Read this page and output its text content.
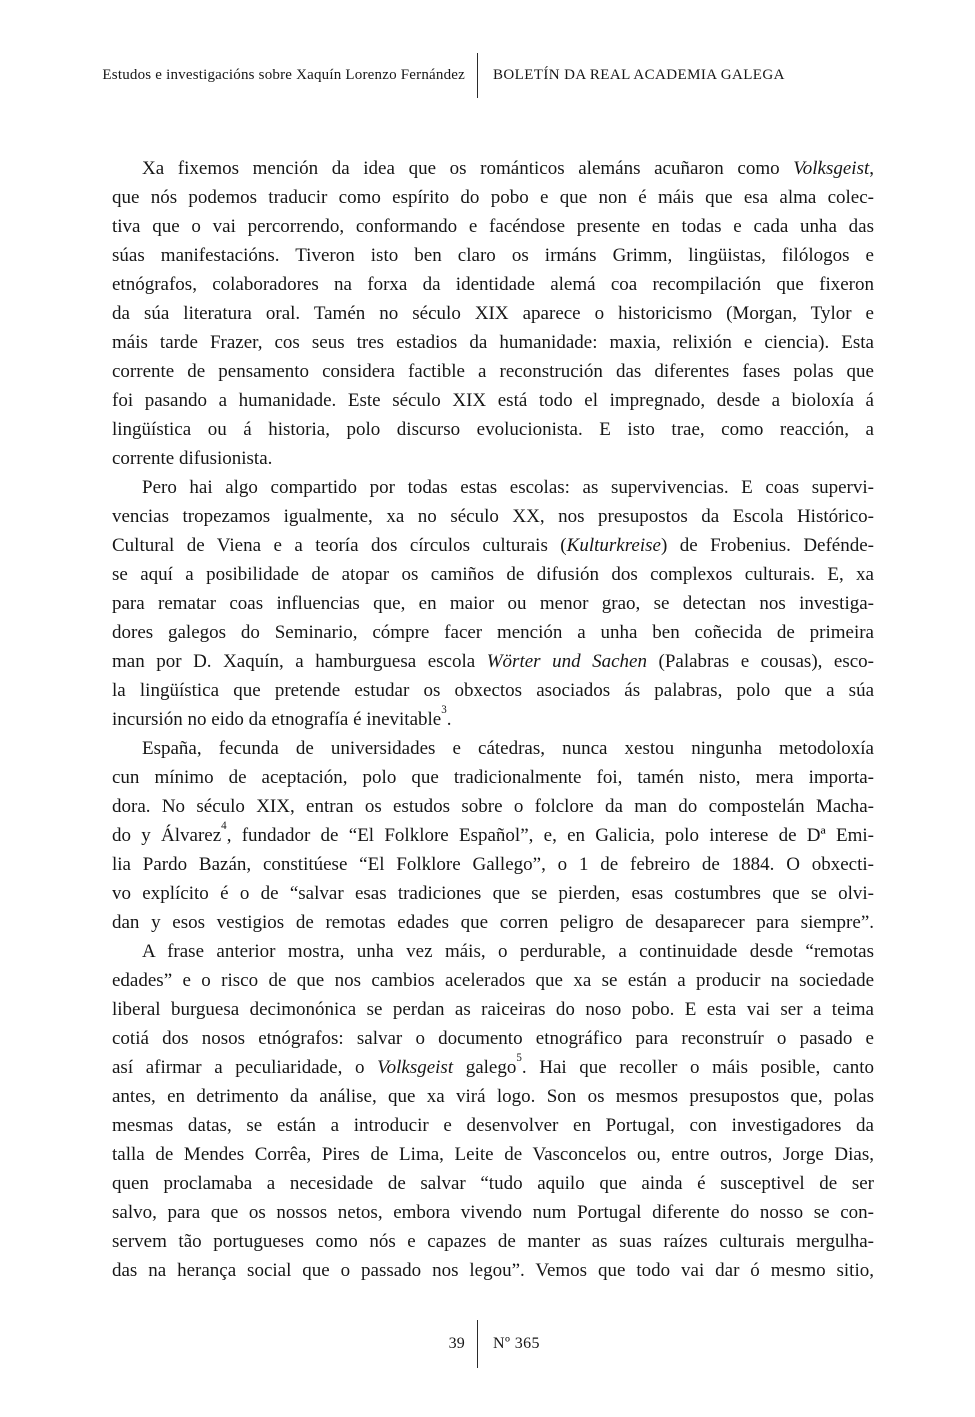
Estudos e investigacións sobre Xaquín Lorenzo Fernández	BOLETÍN DA REAL ACADEMIA GALEGA
Xa fixemos mención da idea que os románticos alemáns acuñaron como Volksgeist,
que nós podemos traducir como espírito do pobo e que non é máis que esa alma colec-
tiva que o vai percorrendo, conformando e facéndose presente en todas e cada unha das
súas manifestacións. Tiveron isto ben claro os irmáns Grimm, lingüistas, filólogos e
etnógrafos, colaboradores na forxa da identidade alemá coa recompilación que fixeron
da súa literatura oral. Tamén no século XIX aparece o historicismo (Morgan, Tylor e
máis tarde Frazer, cos seus tres estadios da humanidade: maxia, relixión e ciencia). Esta
corrente de pensamento considera factible a reconstrución das diferentes fases polas que
foi pasando a humanidade. Este século XIX está todo el impregnado, desde a bioloxía á
lingüística ou á historia, polo discurso evolucionista. E isto trae, como reacción, a
corrente difusionista.
Pero hai algo compartido por todas estas escolas: as supervivencias. E coas supervi-
vencias tropezamos igualmente, xa no século XX, nos presupostos da Escola Histórico-
Cultural de Viena e a teoría dos círculos culturais (Kulturkreise) de Frobenius. Defénde-
se aquí a posibilidade de atopar os camiños de difusión dos complexos culturais. E, xa
para rematar coas influencias que, en maior ou menor grao, se detectan nos investiga-
dores galegos do Seminario, cómpre facer mención a unha ben coñecida de primeira
man por D. Xaquín, a hamburguesa escola Wörter und Sachen (Palabras e cousas), esco-
la lingüística que pretende estudar os obxectos asociados ás palabras, polo que a súa
incursión no eido da etnografía é inevitable$^3$.
España, fecunda de universidades e cátedras, nunca xestou ningunha metodoloxía
cun mínimo de aceptación, polo que tradicionalmente foi, tamén nisto, mera importa-
dora. No século XIX, entran os estudos sobre o folclore da man do compostelán Macha-
do y Álvarez$^4$, fundador de “El Folklore Español”, e, en Galicia, polo interese de Dª Emi-
lia Pardo Bazán, constitúese “El Folklore Gallego”, o 1 de febreiro de 1884. O obxecti-
vo explícito é o de “salvar esas tradiciones que se pierden, esas costumbres que se olvi-
dan y esos vestigios de remotas edades que corren peligro de desaparecer para siempre”.
A frase anterior mostra, unha vez máis, o perdurable, a continuidade desde “remotas
edades” e o risco de que nos cambios acelerados que xa se están a producir na sociedade
liberal burguesa decimonónica se perdan as raiceiras do noso pobo. E esta vai ser a teima
cotiá dos nosos etnógrafos: salvar o documento etnográfico para reconstruír o pasado e
así afirmar a peculiaridade, o Volksgeist galego$^5$. Hai que recoller o máis posible, canto
antes, en detrimento da análise, que xa virá logo. Son os mesmos presupostos que, polas
mesmas datas, se están a introducir e desenvolver en Portugal, con investigadores da
talla de Mendes Corrêa, Pires de Lima, Leite de Vasconcelos ou, entre outros, Jorge Dias,
quen proclamaba a necesidade de salvar “tudo aquilo que ainda é susceptivel de ser
salvo, para que os nossos netos, embora vivendo num Portugal diferente do nosso se con-
servem tão portugueses como nós e capazes de manter as suas raízes culturais mergulha-
das na herança social que o passado nos legou”. Vemos que todo vai dar ó mesmo sitio,
39	Nº 365
